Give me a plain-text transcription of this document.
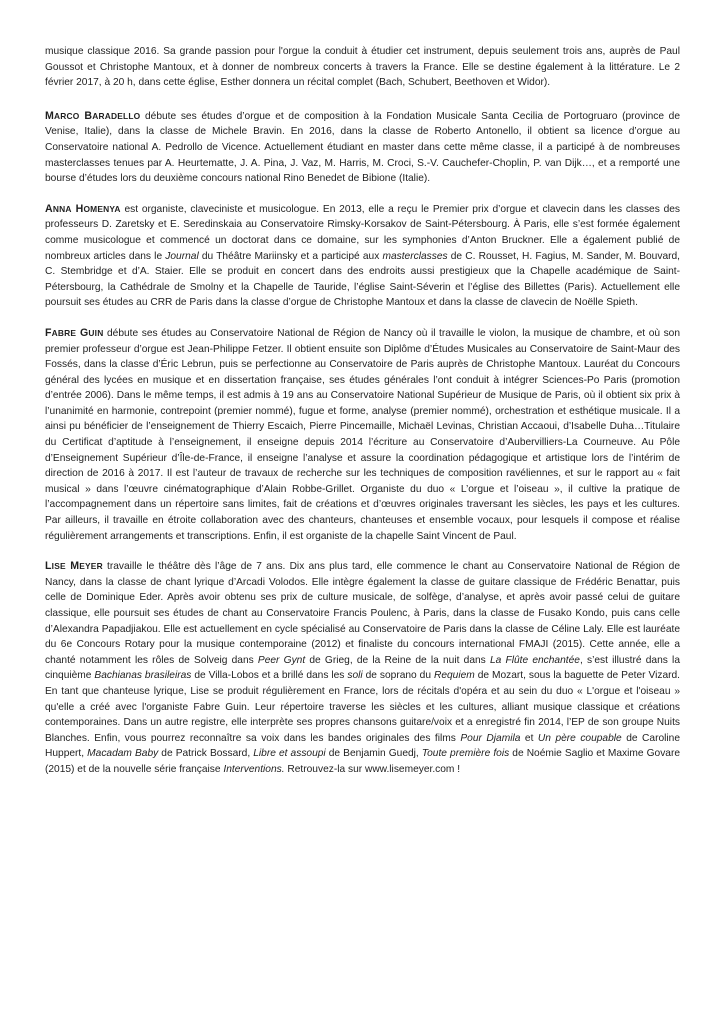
musique classique 2016. Sa grande passion pour l'orgue la conduit à étudier cet instrument, depuis seulement trois ans, auprès de Paul Goussot et Christophe Mantoux, et à donner de nombreux concerts à travers la France. Elle se destine également à la littérature. Le 2 février 2017, à 20 h, dans cette église, Esther donnera un récital complet (Bach, Schubert, Beethoven et Widor).

MARCO BARADELLO débute ses études d’orgue et de composition à la Fondation Musicale Santa Cecilia de Portogruaro (province de Venise, Italie), dans la classe de Michele Bravin. En 2016, dans la classe de Roberto Antonello, il obtient sa licence d’orgue au Conservatoire national A. Pedrollo de Vicence. Actuellement étudiant en master dans cette même classe, il a participé à de nombreuses masterclasses tenues par A. Heurtematte, J. A. Pina, J. Vaz, M. Harris, M. Croci, S.-V. Cauchefer-Choplin, P. van Dijk…, et a remporté une bourse d’études lors du deuxième concours national Rino Benedet de Bibione (Italie).

ANNA HOMENYA est organiste, claveciniste et musicologue. En 2013, elle a reçu le Premier prix d’orgue et clavecin dans les classes des professeurs D. Zaretsky et E. Seredinskaia au Conservatoire Rimsky-Korsakov de Saint-Pétersbourg. À Paris, elle s’est formée également comme musicologue et commencé un doctorat dans ce domaine, sur les symphonies d’Anton Bruckner. Elle a également publié de nombreux articles dans le Journal du Théâtre Mariinsky et a participé aux masterclasses de C. Rousset, H. Fagius, M. Sander, M. Bouvard, C. Stembridge et d’A. Staier. Elle se produit en concert dans des endroits aussi prestigieux que la Chapelle académique de Saint-Pétersbourg, la Cathédrale de Smolny et la Chapelle de Tauride, l’église Saint-Séverin et l’église des Billettes (Paris). Actuellement elle poursuit ses études au CRR de Paris dans la classe d’orgue de Christophe Mantoux et dans la classe de clavecin de Noëlle Spieth.

FABRE GUIN débute ses études au Conservatoire National de Région de Nancy où il travaille le violon, la musique de chambre, et où son premier professeur d’orgue est Jean-Philippe Fetzer. Il obtient ensuite son Diplôme d’Études Musicales au Conservatoire de Saint-Maur des Fossés, dans la classe d’Éric Lebrun, puis se perfectionne au Conservatoire de Paris auprès de Christophe Mantoux. Lauréat du Concours général des lycées en musique et en dissertation française, ses études générales l’ont conduit à intégrer Sciences-Po Paris (promotion d’entrée 2006). Dans le même temps, il est admis à 19 ans au Conservatoire National Supérieur de Musique de Paris, où il obtient six prix à l’unanimité en harmonie, contrepoint (premier nommé), fugue et forme, analyse (premier nommé), orchestration et esthétique musicale. Il a ainsi pu bénéficier de l’enseignement de Thierry Escaich, Pierre Pincemaille, Michaël Levinas, Christian Accaoui, d’Isabelle Duha…Titulaire du Certificat d’aptitude à l’enseignement, il enseigne depuis 2014 l’écriture au Conservatoire d’Aubervilliers-La Courneuve. Au Pôle d’Enseignement Supérieur d’Île-de-France, il enseigne l’analyse et assure la coordination pédagogique et artistique lors de l’intérim de direction de 2016 à 2017. Il est l’auteur de travaux de recherche sur les techniques de composition ravéliennes, et sur le rapport au « fait musical » dans l’œuvre cinématographique d’Alain Robbe-Grillet. Organiste du duo « L’orgue et l’oiseau », il cultive la pratique de l’accompagnement dans un répertoire sans limites, fait de créations et d’œuvres originales traversant les siècles, les pays et les cultures. Par ailleurs, il travaille en étroite collaboration avec des chanteurs, chanteuses et ensemble vocaux, pour lesquels il compose et réalise régulièrement arrangements et transcriptions. Enfin, il est organiste de la chapelle Saint Vincent de Paul.

LISE MEYER travaille le théâtre dès l’âge de 7 ans. Dix ans plus tard, elle commence le chant au Conservatoire National de Région de Nancy, dans la classe de chant lyrique d’Arcadi Volodos. Elle intègre également la classe de guitare classique de Frédéric Benattar, puis celle de Dominique Eder. Après avoir obtenu ses prix de culture musicale, de solfège, d’analyse, et après avoir passé celui de guitare classique, elle poursuit ses études de chant au Conservatoire Francis Poulenc, à Paris, dans la classe de Fusako Kondo, puis cans celle d’Alexandra Papadjiakou. Elle est actuellement en cycle spécialisé au Conservatoire de Paris dans la classe de Céline Laly. Elle est lauréate du 6e Concours Rotary pour la musique contemporaine (2012) et finaliste du concours international FMAJI (2015). Cette année, elle a chanté notamment les rôles de Solveig dans Peer Gynt de Grieg, de la Reine de la nuit dans La Flûte enchantée, s’est illustré dans la cinquième Bachianas brasileiras de Villa-Lobos et a brillé dans les soli de soprano du Requiem de Mozart, sous la baguette de Peter Vizard. En tant que chanteuse lyrique, Lise se produit régulièrement en France, lors de récitals d'opéra et au sein du duo « L'orgue et l'oiseau » qu'elle a créé avec l'organiste Fabre Guin. Leur répertoire traverse les siècles et les cultures, alliant musique classique et créations contemporaines. Dans un autre registre, elle interprète ses propres chansons guitare/voix et a enregistré fin 2014, l’EP de son groupe Nuits Blanches. Enfin, vous pourrez reconnaître sa voix dans les bandes originales des films Pour Djamila et Un père coupable de Caroline Huppert, Macadam Baby de Patrick Bossard, Libre et assoupi de Benjamin Guedj, Toute première fois de Noémie Saglio et Maxime Govare (2015) et de la nouvelle série française Interventions. Retrouvez-la sur www.lisemeyer.com !
